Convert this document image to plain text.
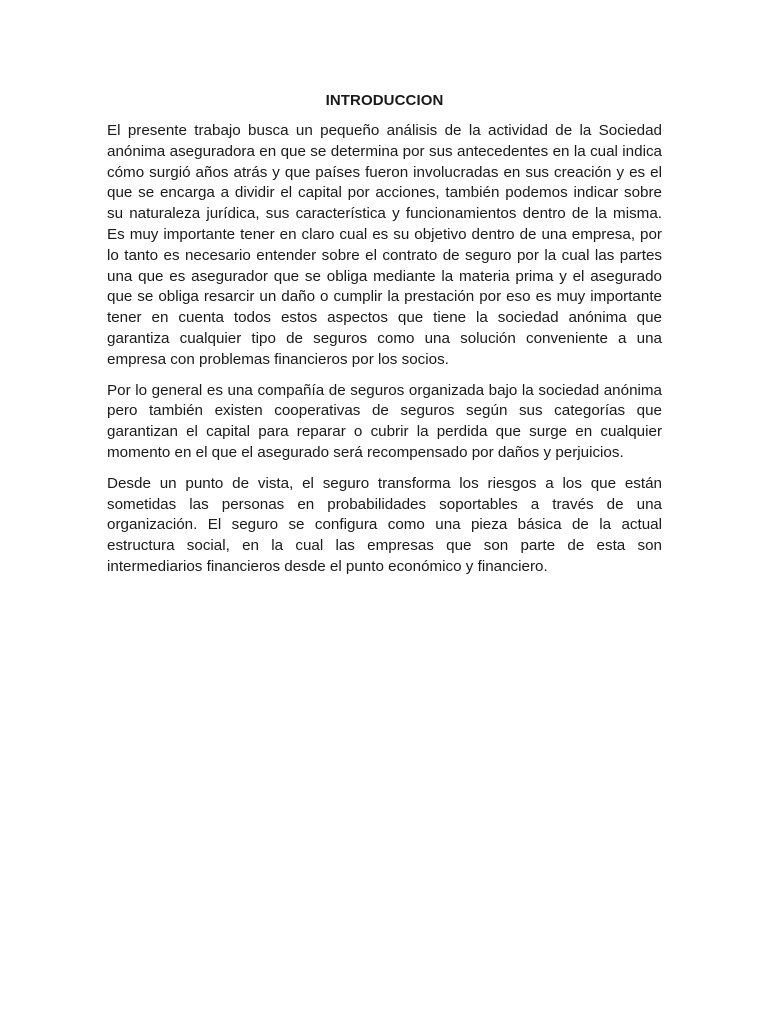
INTRODUCCION

El presente trabajo busca un pequeño análisis de la actividad de la Sociedad anónima aseguradora en que se determina por sus antecedentes en la cual indica cómo surgió años atrás y que países fueron involucradas en sus creación y es el que se encarga a dividir el capital por acciones, también podemos indicar sobre su naturaleza jurídica, sus característica y funcionamientos dentro de la misma. Es muy importante tener en claro cual es su objetivo dentro de una empresa, por lo tanto es necesario entender sobre el contrato de seguro por la cual las partes una que es asegurador que se obliga mediante la materia prima y el asegurado que se obliga resarcir un daño o cumplir la prestación por eso es muy importante tener en cuenta todos estos aspectos que tiene la sociedad anónima que garantiza cualquier tipo de seguros como una solución conveniente a una empresa con problemas financieros por los socios.

Por lo general es una compañía de seguros organizada bajo la sociedad anónima pero también existen cooperativas de seguros según sus categorías que garantizan el capital para reparar o cubrir la perdida que surge en cualquier momento en el que el asegurado será recompensado por daños y perjuicios.

Desde un punto de vista, el seguro transforma los riesgos a los que están sometidas las personas en probabilidades soportables a través de una organización. El seguro se configura como una pieza básica de la actual estructura social, en la cual las empresas que son parte de esta son intermediarios financieros desde el punto económico y financiero.
